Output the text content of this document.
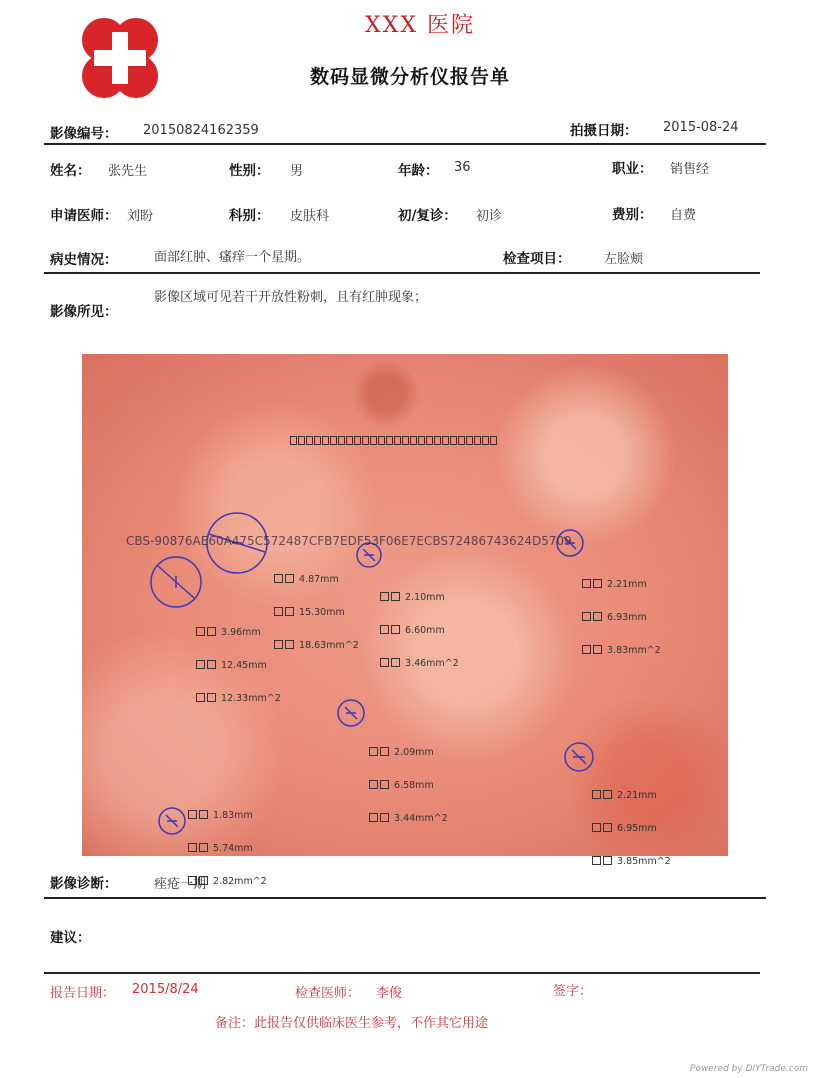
XXX 医院
数码显微分析仪报告单
影像编号： 20150824162359	拍摄日期： 2015-08-24
姓名： 张先生	性别： 男	年龄： 36	职业： 销售经
申请医师： 刘盼	科别： 皮肤科	初/复诊： 初诊	费别： 自费
病史情况：	面部红肿、瘙痒一个星期。	检查项目：	左脸颊
影像区域可见若干开放性粉刺，且有红肿现象；
影像所见：
CBS-90876AE60A475C572487CFB7EDF53F06E7ECBS72486743624D5709

4.87mm

15.30mm

18.63mm^2

2.10mm

6.60mm

3.46mm^2

2.21mm

6.93mm

3.83mm^2

3.96mm

12.45mm

12.33mm^2

2.09mm

6.58mm

3.44mm^2

2.21mm

6.95mm

3.85mm^2

1.83mm

5.74mm

2.82mm^2

影像诊断：	痤疮一期
建议：
报告日期： 2015/8/24	检查医师： 李俊	签字：
备注：此报告仅供临床医生参考，不作其它用途
Powered by DIYTrade.com
